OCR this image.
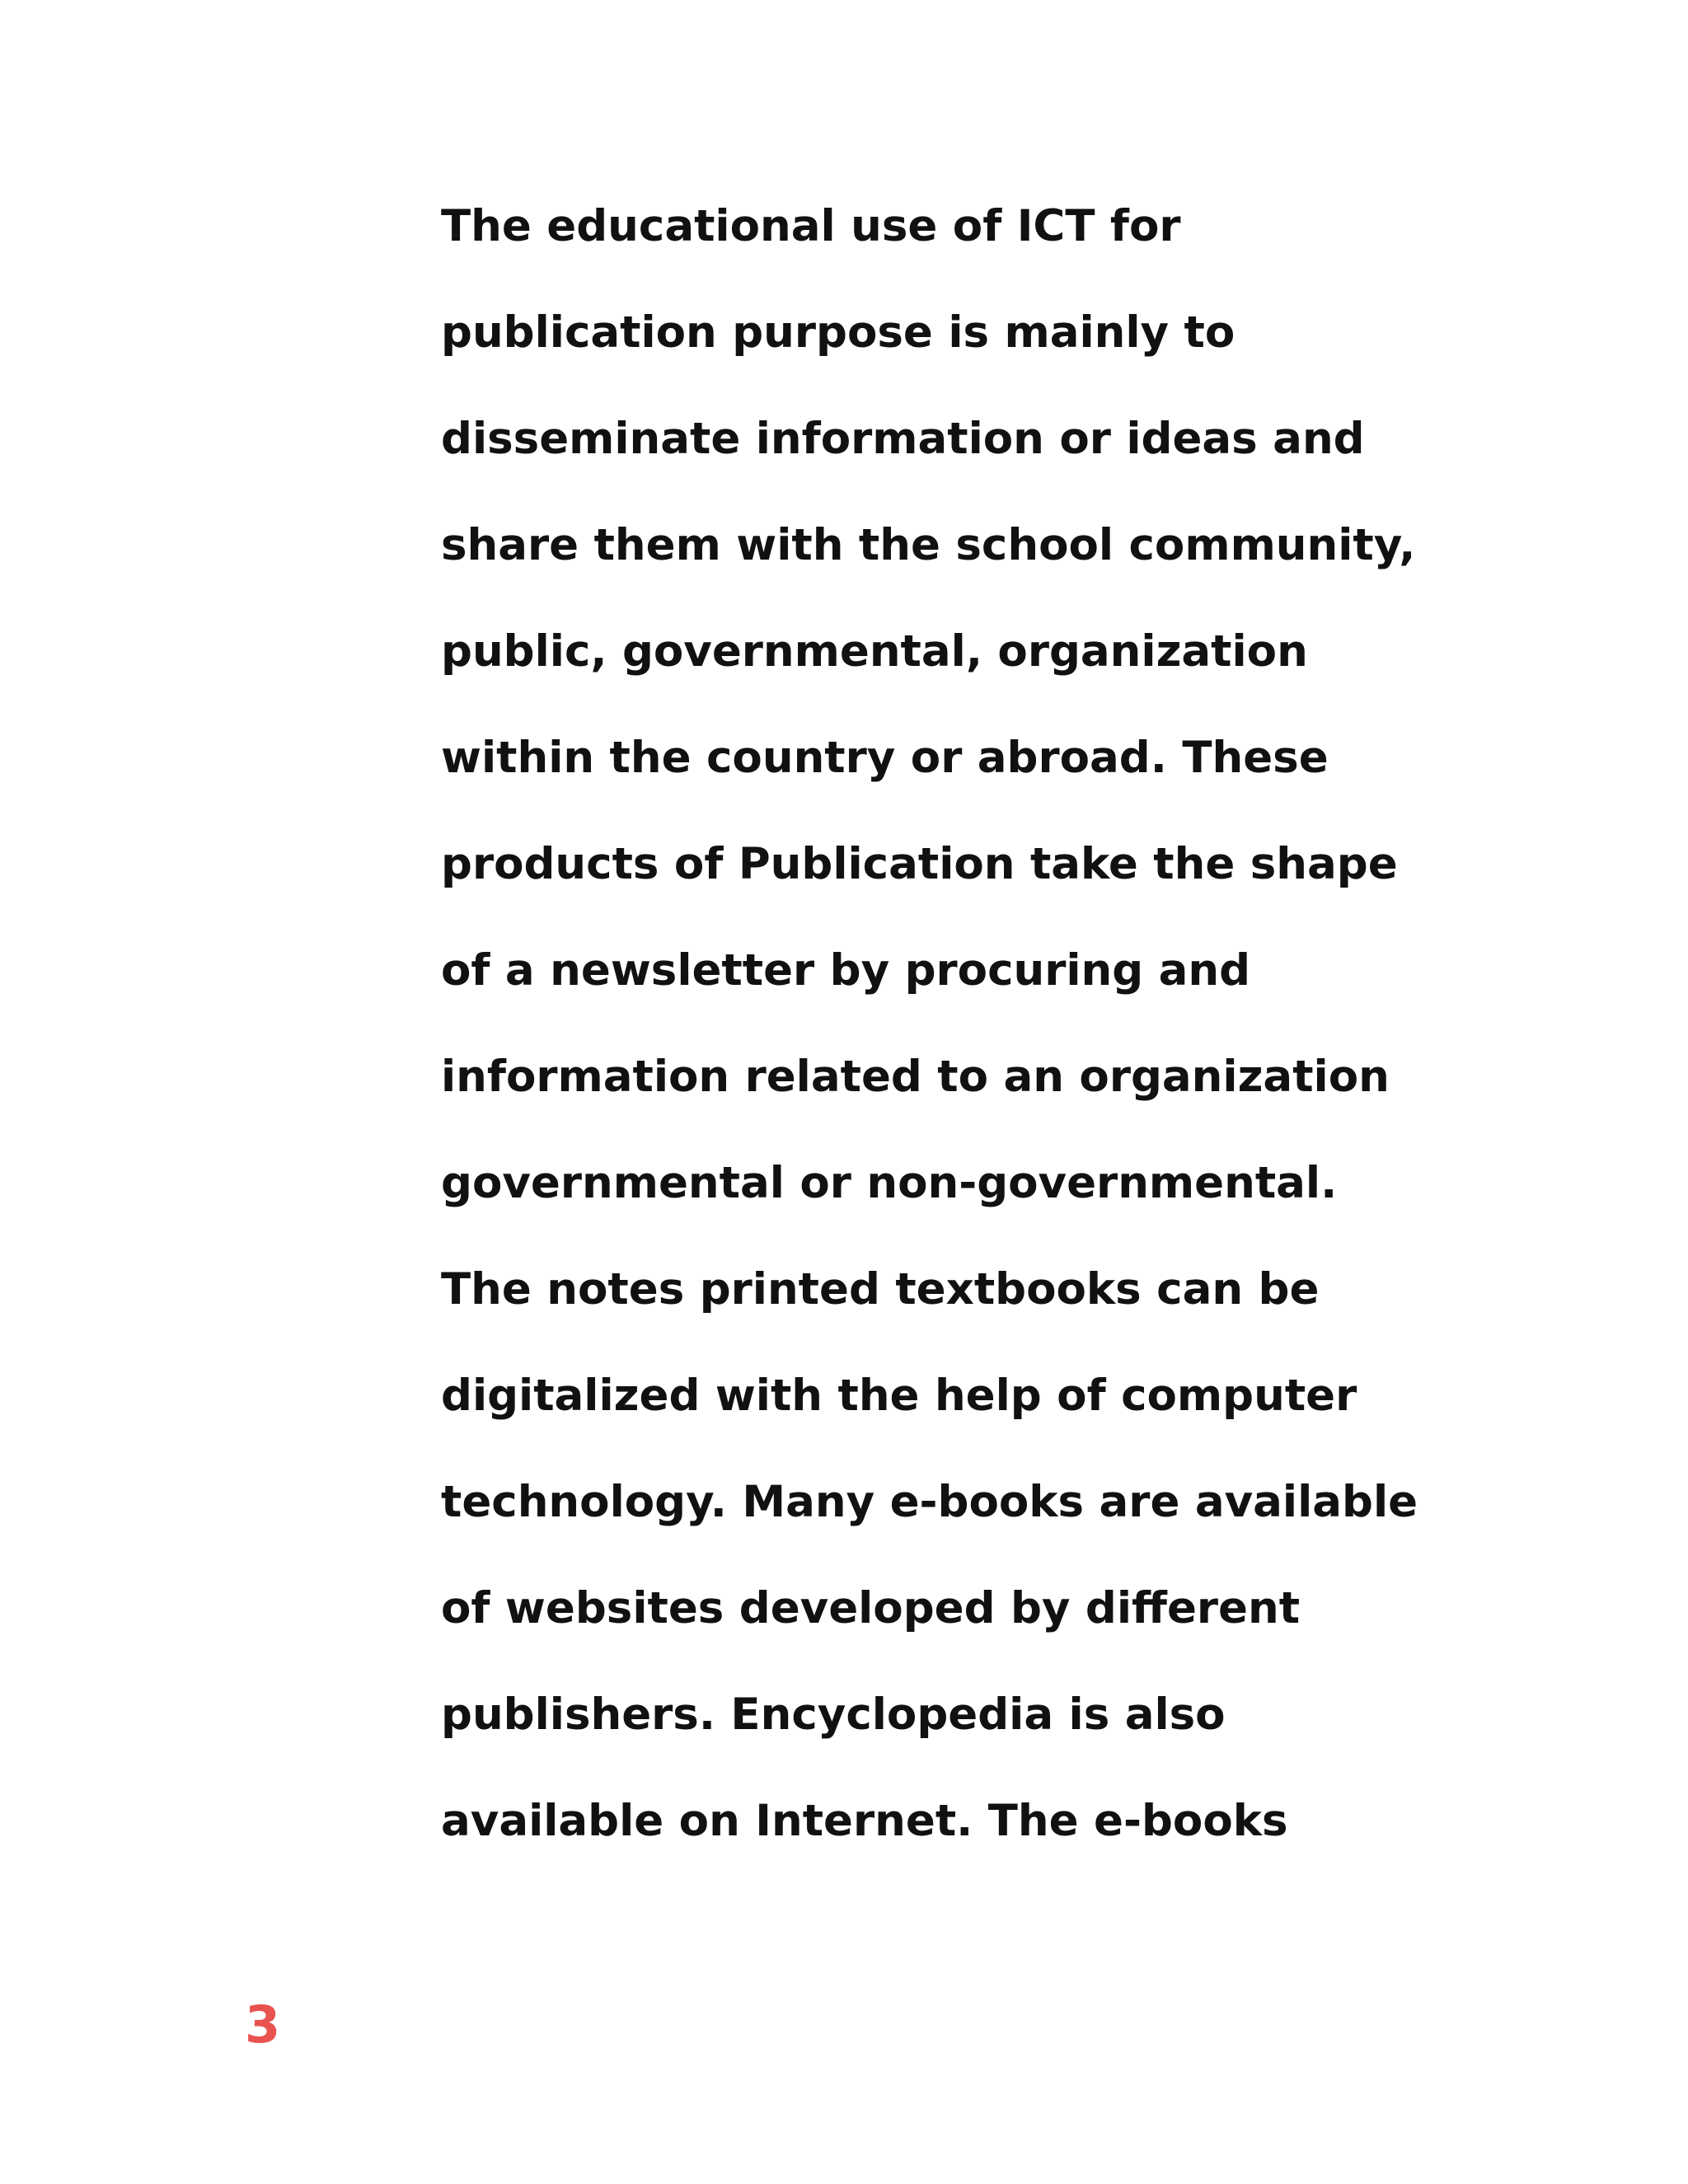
The educational use of ICT for
publication purpose is mainly to
disseminate information or ideas and
share them with the school community,
public, governmental, organization
within the country or abroad. These
products of Publication take the shape
of a newsletter by procuring and
information related to an organization
governmental or non-governmental.
The notes printed textbooks can be
digitalized with the help of computer
technology. Many e-books are available
of websites developed by different
publishers. Encyclopedia is also
available on Internet. The e-books
3
